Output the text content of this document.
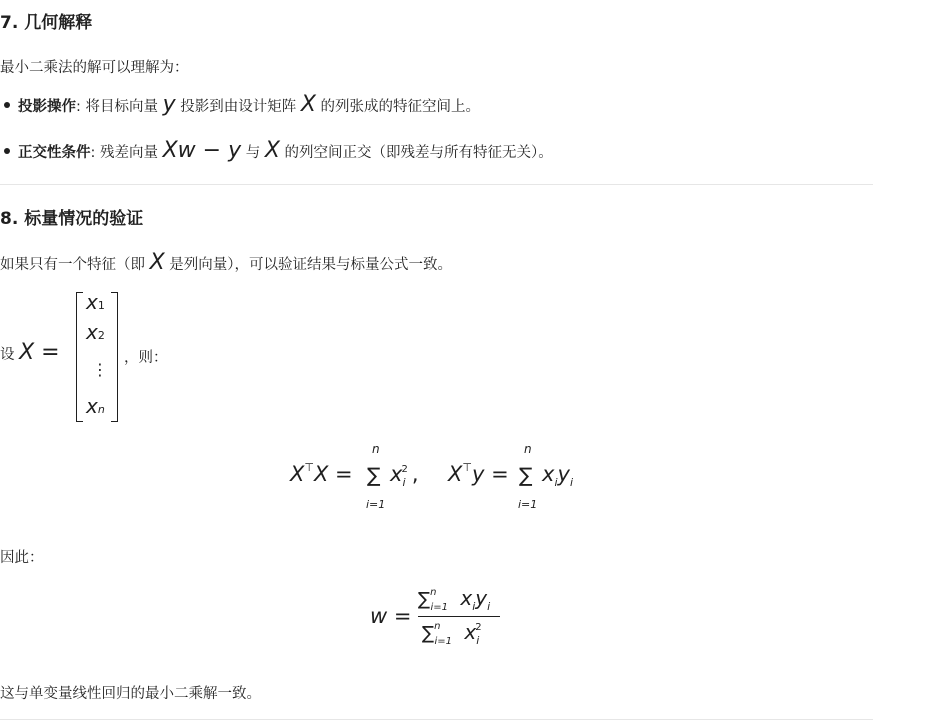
7. 几何解释
最小二乘法的解可以理解为：
投影操作: 将目标向量 y 投影到由设计矩阵 X 的列张成的特征空间上。
正交性条件: 残差向量 Xw − y 与 X 的列空间正交（即残差与所有特征无关）。
8. 标量情况的验证
如果只有一个特征（即 X 是列向量），可以验证结果与标量公式一致。
设 X =
x1
x2
⋮
xn
，则：
X⊤X =
n
∑
i=1
$x_i^2$ , X⊤y =
n
∑
i=1
$x_iy_i$
因此：
w =
∑$^n_{i=1}$ $x_iy_i$
∑$^n_{i=1}$ $x_i^2$
这与单变量线性回归的最小二乘解一致。
